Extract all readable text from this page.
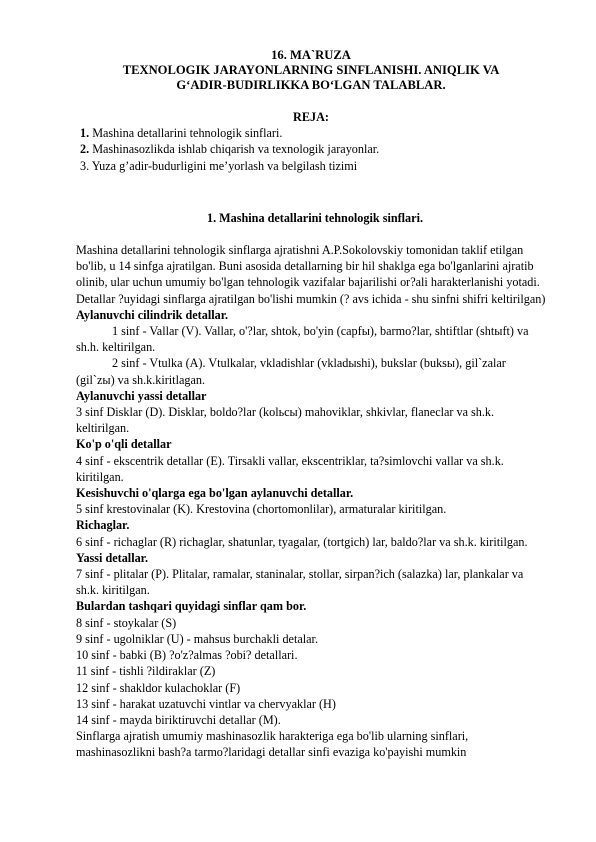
16. MA`RUZA
TEXNOLOGIK JARAYONLARNING SINFLANISHI. ANIQLIK VA
G‘ADIR-BUDIRLIKKA BO‘LGAN TALABLAR.
REJA:
1. Mashina detallarini tehnologik sinflari.
2. Mashinasozlikda ishlab chiqarish va texnologik jarayonlar.
3. Yuza g’adir-budurligini me’yorlash va belgilash tizimi
1. Mashina detallarini tehnologik sinflari.
Mashina detallarini tehnologik sinflarga ajratishni A.P.Sokolovskiy tomonidan taklif etilgan bo'lib, u 14 sinfga ajratilgan. Buni asosida detallarning bir hil shaklga ega bo'lganlarini ajratib olinib, ular uchun umumiy bo'lgan tehnologik vazifalar bajarilishi or?ali harakterlanishi yotadi. Detallar ?uyidagi sinflarga ajratilgan bo'lishi mumkin (? avs ichida - shu sinfni shifri keltirilgan)
Aylanuvchi cilindrik detallar.
1 sinf - Vallar (V). Vallar, o'?lar, shtok, bo'yin (capfы), barmo?lar, shtiftlar (shtыft) va sh.h. keltirilgan.
2 sinf - Vtulka (A). Vtulkalar, vkladishlar (vkladыshi), bukslar (buksы), gil`zalar (gil`zы) va sh.k.kiritlagan.
Aylanuvchi yassi detallar
3 sinf Disklar (D). Disklar, boldo?lar (kolьcы) mahoviklar, shkivlar, flaneclar va sh.k. keltirilgan.
Ko'p o'qli detallar
4 sinf - ekscentrik detallar (E). Tirsakli vallar, ekscentriklar, ta?simlovchi vallar va sh.k. kiritilgan.
Kesishuvchi o'qlarga ega bo'lgan aylanuvchi detallar.
5 sinf krestovinalar (K). Krestovina (chortomonlilar), armaturalar kiritilgan.
Richaglar.
6 sinf - richaglar (R) richaglar, shatunlar, tyagalar, (tortgich) lar, baldo?lar va sh.k. kiritilgan.
Yassi detallar.
7 sinf - plitalar (P). Plitalar, ramalar, staninalar, stollar, sirpan?ich (salazka) lar, plankalar va sh.k. kiritilgan.
Bulardan tashqari quyidagi sinflar qam bor.
8 sinf - stoykalar (S)
9 sinf - ugolniklar (U) - mahsus burchakli detalar.
10 sinf - babki (B) ?o'z?almas ?obi? detallari.
11 sinf - tishli ?ildiraklar (Z)
12 sinf - shakldor kulachoklar (F)
13 sinf - harakat uzatuvchi vintlar va chervyaklar (H)
14 sinf - mayda biriktiruvchi detallar (M).
Sinflarga ajratish umumiy mashinasozlik harakteriga ega bo'lib ularning sinflari, mashinasozlikni bash?a tarmo?laridagi detallar sinfi evaziga ko'payishi mumkin
